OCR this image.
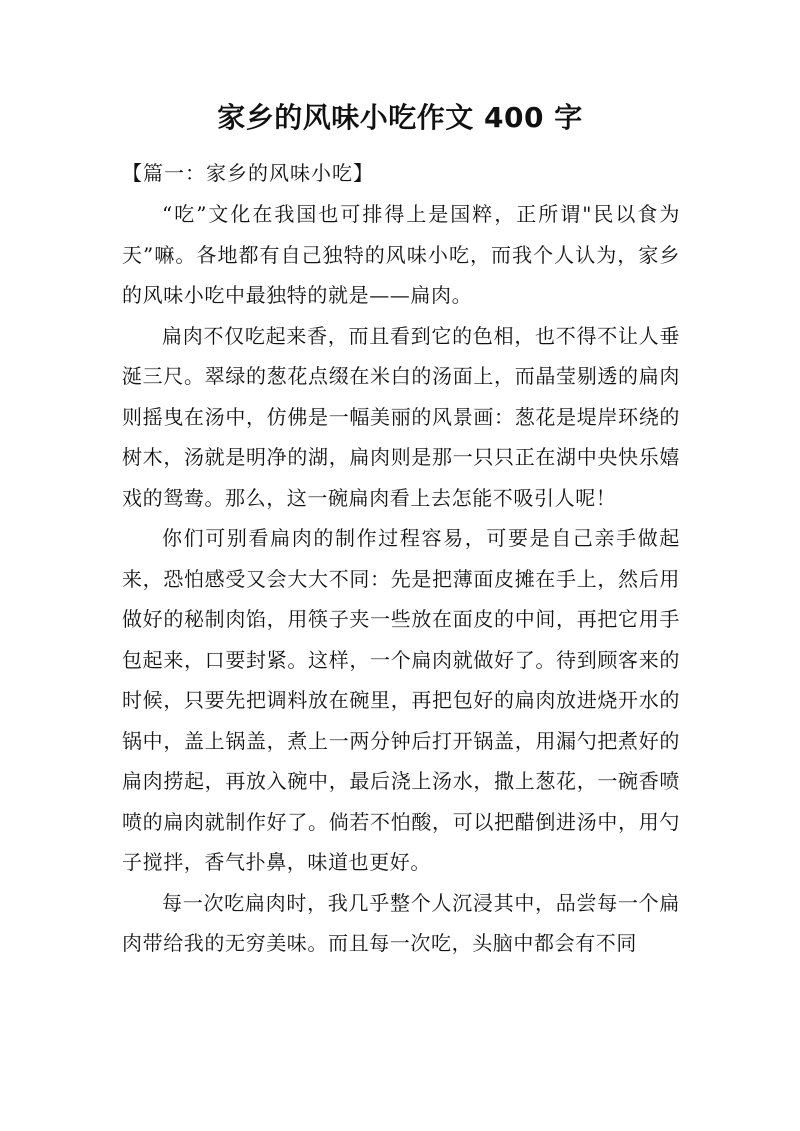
家乡的风味小吃作文 400 字

【篇一：家乡的风味小吃】

“吃”文化在我国也可排得上是国粹，正所谓"民以食为天”嘛。各地都有自己独特的风味小吃，而我个人认为，家乡的风味小吃中最独特的就是——扁肉。

扁肉不仅吃起来香，而且看到它的色相，也不得不让人垂涎三尺。翠绿的葱花点缀在米白的汤面上，而晶莹剔透的扁肉则摇曳在汤中，仿佛是一幅美丽的风景画：葱花是堤岸环绕的树木，汤就是明净的湖，扁肉则是那一只只正在湖中央快乐嬉戏的鸳鸯。那么，这一碗扁肉看上去怎能不吸引人呢！

你们可别看扁肉的制作过程容易，可要是自己亲手做起来，恐怕感受又会大大不同：先是把薄面皮摊在手上，然后用做好的秘制肉馅，用筷子夹一些放在面皮的中间，再把它用手包起来，口要封紧。这样，一个扁肉就做好了。待到顾客来的时候，只要先把调料放在碗里，再把包好的扁肉放进烧开水的锅中，盖上锅盖，煮上一两分钟后打开锅盖，用漏勺把煮好的扁肉捞起，再放入碗中，最后浇上汤水，撒上葱花，一碗香喷喷的扁肉就制作好了。倘若不怕酸，可以把醋倒进汤中，用勺子搅拌，香气扑鼻，味道也更好。

每一次吃扁肉时，我几乎整个人沉浸其中，品尝每一个扁肉带给我的无穷美味。而且每一次吃，头脑中都会有不同
